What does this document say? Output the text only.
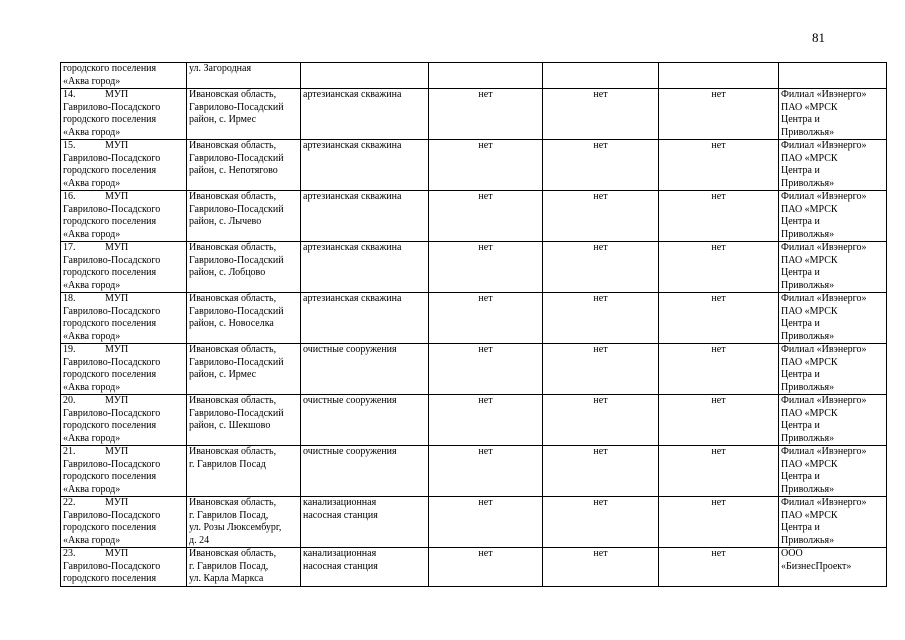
81
городского поселения
«Аква город»	ул. Загородная					

14. МУП
Гаврилово-Посадского
городского поселения
«Аква город»	Ивановская область,
Гаврилово-Посадский
район, с. Ирмес	артезианская скважина	нет	нет	нет	Филиал «Ивэнерго»
ПАО «МРСК
Центра и
Приволжья»

15. МУП
Гаврилово-Посадского
городского поселения
«Аква город»	Ивановская область,
Гаврилово-Посадский
район, с. Непотягово	артезианская скважина	нет	нет	нет	Филиал «Ивэнерго»
ПАО «МРСК
Центра и
Приволжья»

16. МУП
Гаврилово-Посадского
городского поселения
«Аква город»	Ивановская область,
Гаврилово-Посадский
район, с. Лычево	артезианская скважина	нет	нет	нет	Филиал «Ивэнерго»
ПАО «МРСК
Центра и
Приволжья»

17. МУП
Гаврилово-Посадского
городского поселения
«Аква город»	Ивановская область,
Гаврилово-Посадский
район, с. Лобцово	артезианская скважина	нет	нет	нет	Филиал «Ивэнерго»
ПАО «МРСК
Центра и
Приволжья»

18. МУП
Гаврилово-Посадского
городского поселения
«Аква город»	Ивановская область,
Гаврилово-Посадский
район, с. Новоселка	артезианская скважина	нет	нет	нет	Филиал «Ивэнерго»
ПАО «МРСК
Центра и
Приволжья»

19. МУП
Гаврилово-Посадского
городского поселения
«Аква город»	Ивановская область,
Гаврилово-Посадский
район, с. Ирмес	очистные сооружения	нет	нет	нет	Филиал «Ивэнерго»
ПАО «МРСК
Центра и
Приволжья»

20. МУП
Гаврилово-Посадского
городского поселения
«Аква город»	Ивановская область,
Гаврилово-Посадский
район, с. Шекшово	очистные сооружения	нет	нет	нет	Филиал «Ивэнерго»
ПАО «МРСК
Центра и
Приволжья»

21. МУП
Гаврилово-Посадского
городского поселения
«Аква город»	Ивановская область,
г. Гаврилов Посад	очистные сооружения	нет	нет	нет	Филиал «Ивэнерго»
ПАО «МРСК
Центра и
Приволжья»

22. МУП
Гаврилово-Посадского
городского поселения
«Аква город»	Ивановская область,
г. Гаврилов Посад,
ул. Розы Люксембург,
д. 24	канализационная
насосная станция	нет	нет	нет	Филиал «Ивэнерго»
ПАО «МРСК
Центра и
Приволжья»

23. МУП
Гаврилово-Посадского
городского поселения	Ивановская область,
г. Гаврилов Посад,
ул. Карла Маркса	канализационная
насосная станция	нет	нет	нет	ООО
«БизнесПроект»
